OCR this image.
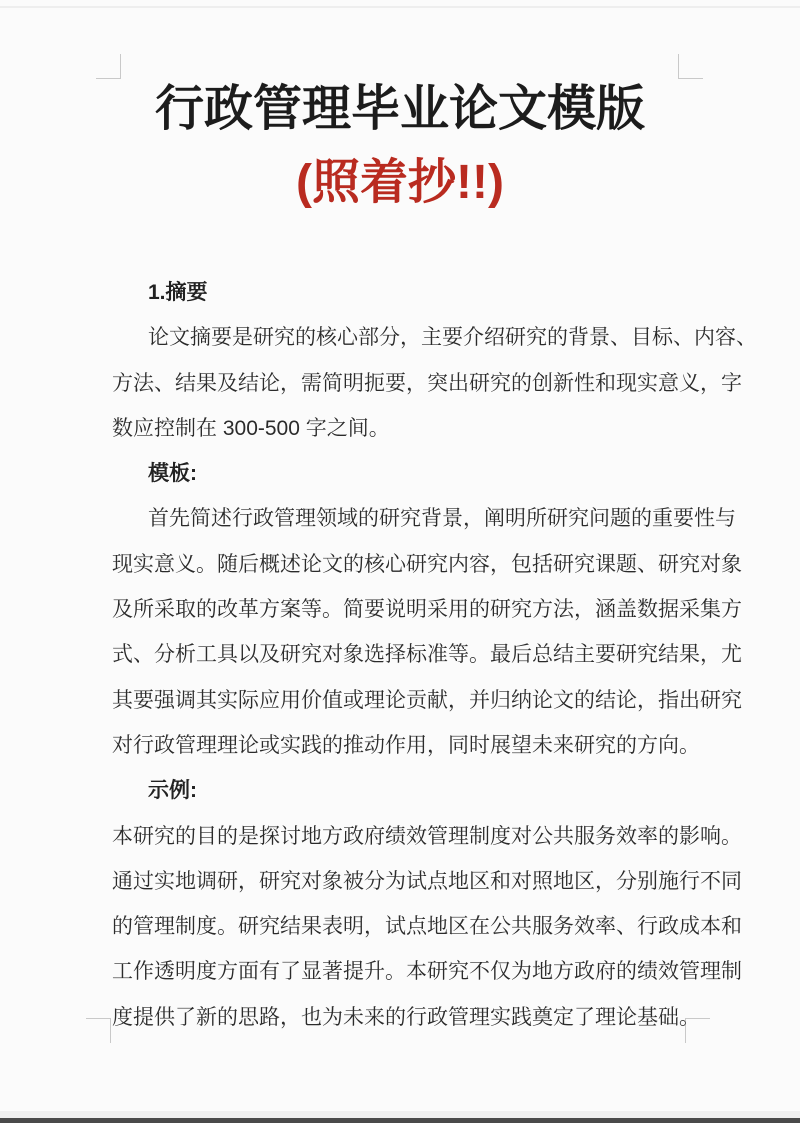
行政管理毕业论文模版
(照着抄!!)
1.摘要
论文摘要是研究的核心部分，主要介绍研究的背景、目标、内容、
方法、结果及结论，需简明扼要，突出研究的创新性和现实意义，字
数应控制在 300-500 字之间。
模板:
首先简述行政管理领域的研究背景，阐明所研究问题的重要性与
现实意义。随后概述论文的核心研究内容，包括研究课题、研究对象
及所采取的改革方案等。简要说明采用的研究方法，涵盖数据采集方
式、分析工具以及研究对象选择标准等。最后总结主要研究结果，尤
其要强调其实际应用价值或理论贡献，并归纳论文的结论，指出研究
对行政管理理论或实践的推动作用，同时展望未来研究的方向。
示例:
本研究的目的是探讨地方政府绩效管理制度对公共服务效率的影响。
通过实地调研，研究对象被分为试点地区和对照地区，分别施行不同
的管理制度。研究结果表明，试点地区在公共服务效率、行政成本和
工作透明度方面有了显著提升。本研究不仅为地方政府的绩效管理制
度提供了新的思路，也为未来的行政管理实践奠定了理论基础。
